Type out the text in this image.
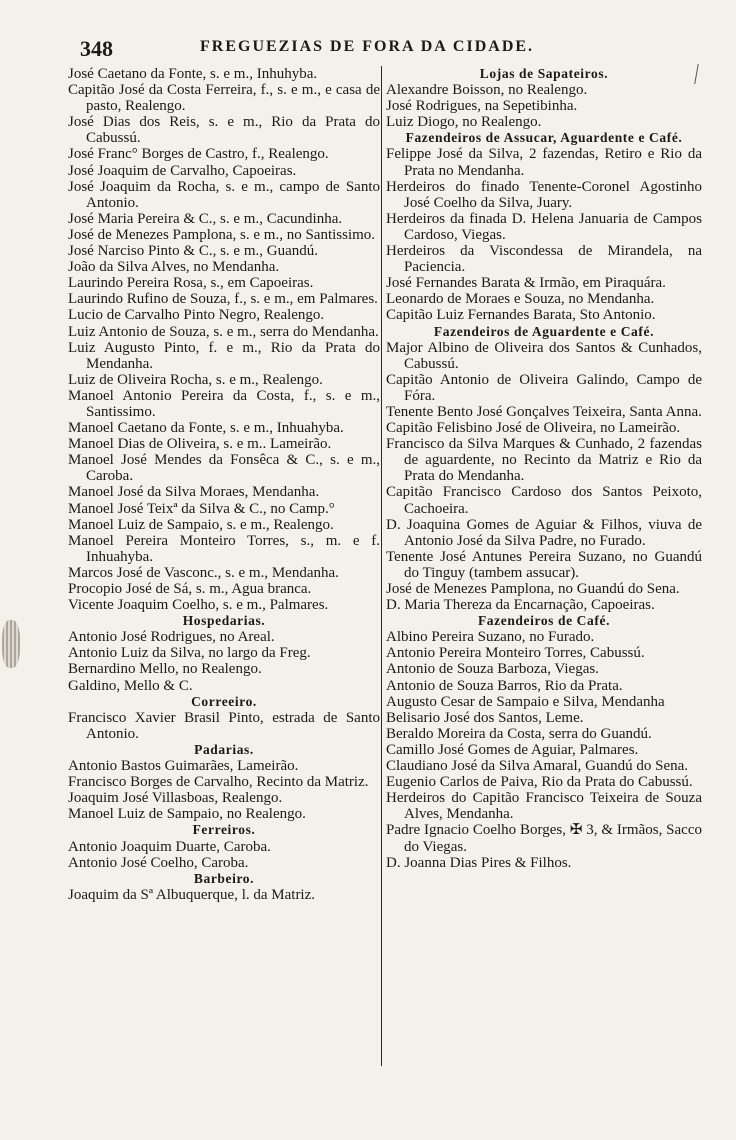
348	FREGUEZIAS DE FORA DA CIDADE.
José Caetano da Fonte, s. e m., Inhuhyba.
Capitão José da Costa Ferreira, f., s. e m., e casa de pasto, Realengo.
José Dias dos Reis, s. e m., Rio da Prata do Cabussú.
José Franc° Borges de Castro, f., Realengo.
José Joaquim de Carvalho, Capoeiras.
José Joaquim da Rocha, s. e m., campo de Santo Antonio.
José Maria Pereira & C., s. e m., Cacundinha.
José de Menezes Pamplona, s. e m., no Santissimo.
José Narciso Pinto & C., s. e m., Guandú.
João da Silva Alves, no Mendanha.
Laurindo Pereira Rosa, s., em Capoeiras.
Laurindo Rufino de Souza, f., s. e m., em Palmares.
Lucio de Carvalho Pinto Negro, Realengo.
Luiz Antonio de Souza, s. e m., serra do Mendanha.
Luiz Augusto Pinto, f. e m., Rio da Prata do Mendanha.
Luiz de Oliveira Rocha, s. e m., Realengo.
Manoel Antonio Pereira da Costa, f., s. e m., Santissimo.
Manoel Caetano da Fonte, s. e m., Inhuahyba.
Manoel Dias de Oliveira, s. e m.. Lameirão.
Manoel José Mendes da Fonsêca & C., s. e m., Caroba.
Manoel José da Silva Moraes, Mendanha.
Manoel José Teixª da Silva & C., no Camp.°
Manoel Luiz de Sampaio, s. e m., Realengo.
Manoel Pereira Monteiro Torres, s., m. e f. Inhuahyba.
Marcos José de Vasconc., s. e m., Mendanha.
Procopio José de Sá, s. m., Agua branca.
Vicente Joaquim Coelho, s. e m., Palmares.
Hospedarias.
Antonio José Rodrigues, no Areal.
Antonio Luiz da Silva, no largo da Freg.
Bernardino Mello, no Realengo.
Galdino, Mello & C.
Correeiro.
Francisco Xavier Brasil Pinto, estrada de Santo Antonio.
Padarias.
Antonio Bastos Guimarães, Lameirão.
Francisco Borges de Carvalho, Recinto da Matriz.
Joaquim José Villasboas, Realengo.
Manoel Luiz de Sampaio, no Realengo.
Ferreiros.
Antonio Joaquim Duarte, Caroba.
Antonio José Coelho, Caroba.
Barbeiro.
Joaquim da Sª Albuquerque, l. da Matriz.
Lojas de Sapateiros.
Alexandre Boisson, no Realengo.
José Rodrigues, na Sepetibinha.
Luiz Diogo, no Realengo.
Fazendeiros de Assucar, Aguardente e Café.
Felippe José da Silva, 2 fazendas, Retiro e Rio da Prata no Mendanha.
Herdeiros do finado Tenente-Coronel Agostinho José Coelho da Silva, Juary.
Herdeiros da finada D. Helena Januaria de Campos Cardoso, Viegas.
Herdeiros da Viscondessa de Mirandela, na Paciencia.
José Fernandes Barata & Irmão, em Piraquára.
Leonardo de Moraes e Souza, no Mendanha.
Capitão Luiz Fernandes Barata, Sto Antonio.
Fazendeiros de Aguardente e Café.
Major Albino de Oliveira dos Santos & Cunhados, Cabussú.
Capitão Antonio de Oliveira Galindo, Campo de Fóra.
Tenente Bento José Gonçalves Teixeira, Santa Anna.
Capitão Felisbino José de Oliveira, no Lameirão.
Francisco da Silva Marques & Cunhado, 2 fazendas de aguardente, no Recinto da Matriz e Rio da Prata do Mendanha.
Capitão Francisco Cardoso dos Santos Peixoto, Cachoeira.
D. Joaquina Gomes de Aguiar & Filhos, viuva de Antonio José da Silva Padre, no Furado.
Tenente José Antunes Pereira Suzano, no Guandú do Tinguy (tambem assucar).
José de Menezes Pamplona, no Guandú do Sena.
D. Maria Thereza da Encarnação, Capoeiras.
Fazendeiros de Café.
Albino Pereira Suzano, no Furado.
Antonio Pereira Monteiro Torres, Cabussú.
Antonio de Souza Barboza, Viegas.
Antonio de Souza Barros, Rio da Prata.
Augusto Cesar de Sampaio e Silva, Mendanha
Belisario José dos Santos, Leme.
Beraldo Moreira da Costa, serra do Guandú.
Camillo José Gomes de Aguiar, Palmares.
Claudiano José da Silva Amaral, Guandú do Sena.
Eugenio Carlos de Paiva, Rio da Prata do Cabussú.
Herdeiros do Capitão Francisco Teixeira de Souza Alves, Mendanha.
Padre Ignacio Coelho Borges, ✠ 3, & Irmãos, Sacco do Viegas.
D. Joanna Dias Pires & Filhos.
